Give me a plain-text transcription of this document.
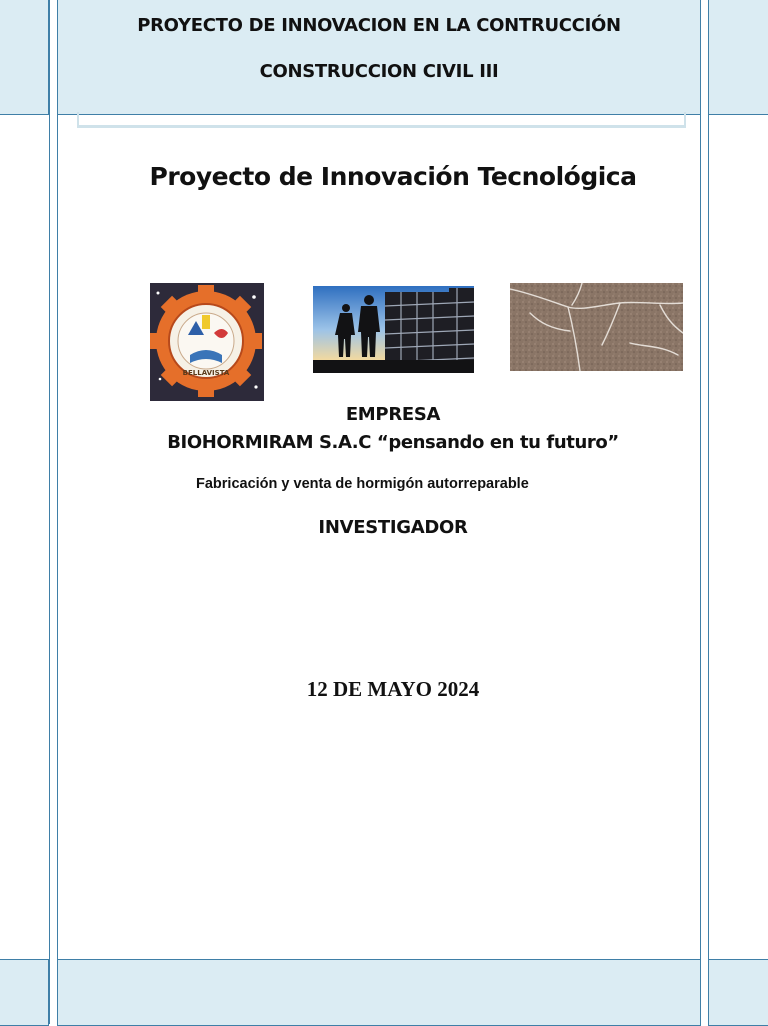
PROYECTO DE INNOVACION EN LA CONTRUCCIÓN
CONSTRUCCION CIVIL III
Proyecto de Innovación Tecnológica
BELLAVISTA
EMPRESA
BIOHORMIRAM S.A.C “pensando en tu futuro”
Fabricación y venta de hormigón autorreparable
INVESTIGADOR
12 DE MAYO 2024
